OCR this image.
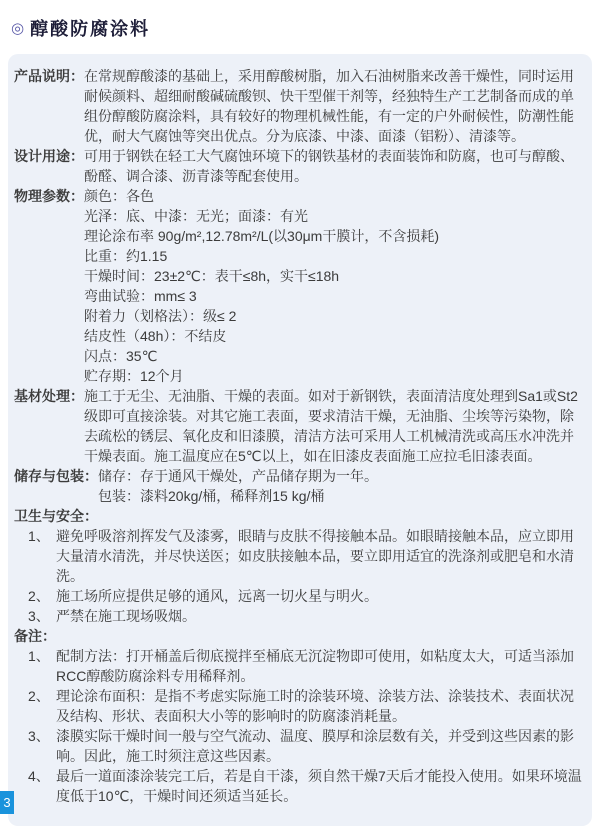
◎ 醇酸防腐涂料
产品说明： 在常规醇酸漆的基础上，采用醇酸树脂，加入石油树脂来改善干燥性，同时运用耐候颜料、超细耐酸碱硫酸钡、快干型催干剂等，经独特生产工艺制备而成的单组份醇酸防腐涂料，具有较好的物理机械性能，有一定的户外耐候性，防潮性能优，耐大气腐蚀等突出优点。分为底漆、中漆、面漆（铝粉）、清漆等。
设计用途： 可用于钢铁在轻工大气腐蚀环境下的钢铁基材的表面装饰和防腐，也可与醇酸、酚醛、调合漆、沥青漆等配套使用。
物理参数： 颜色：各色
光泽：底、中漆：无光；面漆：有光
理论涂布率 90g/m²,12.78m²/L(以30μm干膜计，不含损耗)
比重：约1.15
干燥时间：23±2℃：表干≤8h，实干≤18h
弯曲试验：mm≤ 3
附着力（划格法）：级≤ 2
结皮性（48h）：不结皮
闪点：35℃
贮存期：12个月
基材处理： 施工于无尘、无油脂、干燥的表面。如对于新钢铁，表面清洁度处理到Sa1或St2级即可直接涂装。对其它施工表面，要求清洁干燥，无油脂、尘埃等污染物，除去疏松的锈层、氧化皮和旧漆膜，清洁方法可采用人工机械清洗或高压水冲洗并干燥表面。施工温度应在5℃以上，如在旧漆皮表面施工应拉毛旧漆表面。
储存与包装： 储存：存于通风干燥处，产品储存期为一年。
包装：漆料20kg/桶，稀释剂15 kg/桶
卫生与安全：
1、 避免呼吸溶剂挥发气及漆雾，眼睛与皮肤不得接触本品。如眼睛接触本品，应立即用大量清水清洗，并尽快送医；如皮肤接触本品，要立即用适宜的洗涤剂或肥皂和水清洗。
2、 施工场所应提供足够的通风，远离一切火星与明火。
3、 严禁在施工现场吸烟。
备注：
1、 配制方法：打开桶盖后彻底搅拌至桶底无沉淀物即可使用，如粘度太大，可适当添加RCC醇酸防腐涂料专用稀释剂。
2、 理论涂布面积：是指不考虑实际施工时的涂装环境、涂装方法、涂装技术、表面状况及结构、形状、表面积大小等的影响时的防腐漆消耗量。
3、 漆膜实际干燥时间一般与空气流动、温度、膜厚和涂层数有关，并受到这些因素的影响。因此，施工时须注意这些因素。
4、 最后一道面漆涂装完工后，若是自干漆，须自然干燥7天后才能投入使用。如果环境温度低于10℃，干燥时间还须适当延长。
3
